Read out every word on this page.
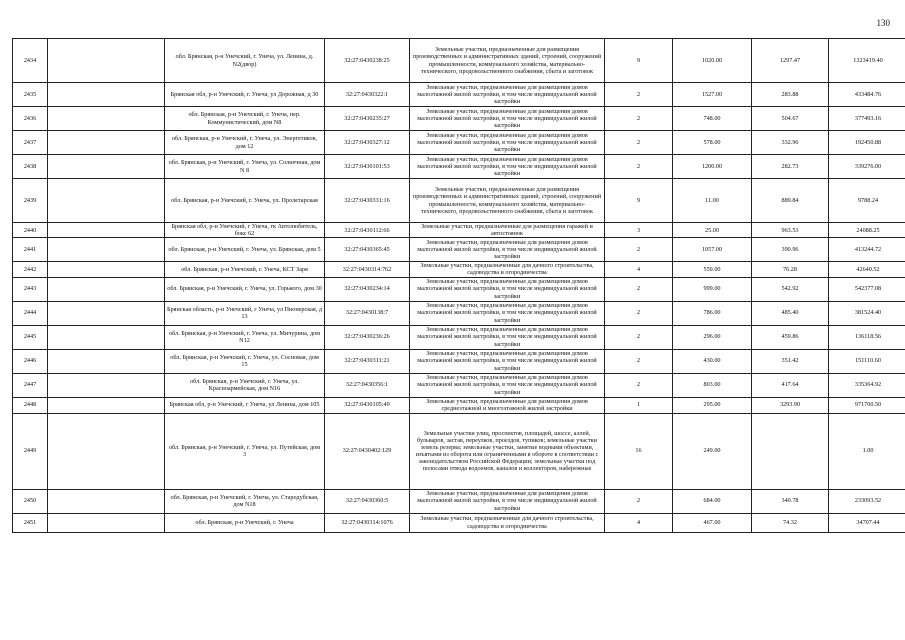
130
2434		обл. Брянская, р-н Унечский, г. Унеча, ул. Ленина, д. N2(двор)	32:27:0430238:25	Земельные участки, предназначенные для размещения производственных и административных зданий, строений, сооружений промышленности, коммунального хозяйства, материально-технического, продовольственного снабжения, сбыта и заготовок	9	1020.00	1297.47	1323419.40
2435		Брянская обл, р-н Унечский, г. Унеча, ул Дорожная, д 30	32:27:0430322:1	Земельные участки, предназначенные для размещения домов малоэтажной жилой застройки, в том числе индивидуальной жилой застройки	2	1527.00	283.88	433484.76
2436		обл. Брянская, р-н Унечский, г. Унеча, пер. Коммунистический, дом N8	32:27:0430235:27	Земельные участки, предназначенные для размещения домов малоэтажной жилой застройки, в том числе индивидуальной жилой застройки	2	748.00	504.67	377493.16
2437		обл. Брянская, р-н Унечский, г. Унеча, ул. Энергетиков, дом 12	32:27:0430327:12	Земельные участки, предназначенные для размещения домов малоэтажной жилой застройки, в том числе индивидуальной жилой застройки	2	578.00	332.96	192450.88
2438		обл. Брянская, р-н Унечский, г. Унеча, ул. Солнечная, дом N 8	32:27:0430101:53	Земельные участки, предназначенные для размещения домов малоэтажной жилой застройки, в том числе индивидуальной жилой застройки	2	1200.00	282.73	339276.00
2439		обл. Брянская, р-н Унечский, г. Унеча, ул. Пролетарская	32:27:0430331:16	Земельные участки, предназначенные для размещения производственных и административных зданий, строений, сооружений промышленности, коммунального хозяйства, материально-технического, продовольственного снабжения, сбыта и заготовок	9	11.00	889.84	9788.24
2440		Брянская обл, р-н Унечский, г Унеча, гк Автолюбитель, бокс 62	32:27:0430112:66	Земельные участки, предназначенные для размещения гаражей и автостоянок	3	25.00	963.53	24088.25
2441		обл. Брянская, р-н Унечский, г. Унеча, ул. Брянская, дом 5	32:27:0430365:45	Земельные участки, предназначенные для размещения домов малоэтажной жилой застройки, в том числе индивидуальной жилой застройки	2	1057.00	390.96	413244.72
2442		обл. Брянская, р-н Унечский, г. Унеча, КСТ Заря	32:27:0430314:762	Земельные участки, предназначенные для дачного строительства, садоводства и огородничества	4	559.00	76.28	42640.52
2443		обл. Брянская, р-н Унечский, г. Унеча, ул. Горького, дом 30	32:27:0430234:14	Земельные участки, предназначенные для размещения домов малоэтажной жилой застройки, в том числе индивидуальной жилой застройки	2	999.00	542.92	542377.08
2444		Брянская область, р-н Унечский, г Унеча, ул Пионерская, д 13	32:27:0430138:7	Земельные участки, предназначенные для размещения домов малоэтажной жилой застройки, в том числе индивидуальной жилой застройки	2	786.00	485.40	381524.40
2445		обл. Брянская, р-н Унечский, г. Унеча, ул. Мичурина, дом N12	32:27:0430236:26	Земельные участки, предназначенные для размещения домов малоэтажной жилой застройки, в том числе индивидуальной жилой застройки	2	296.00	459.86	136118.56
2446		обл. Брянская, р-н Унечский, г. Унеча, ул. Сосновая, дом 15	32:27:0430311:21	Земельные участки, предназначенные для размещения домов малоэтажной жилой застройки, в том числе индивидуальной жилой застройки	2	430.00	351.42	151110.60
2447		обл. Брянская, р-н Унечский, г. Унеча, ул. Красноармейская, дом N16	32:27:0430356:1	Земельные участки, предназначенные для размещения домов малоэтажной жилой застройки, в том числе индивидуальной жилой застройки	2	803.00	417.64	335364.92
2448		Брянская обл, р-н Унечский, г Унеча, ул Ленина, дом 105	32:27:0430105:49	Земельные участки, предназначенные для размещения домов среднеэтажной и многоэтажной жилой застройки	1	295.00	3293.90	971700.50
2449		обл. Брянская, р-н Унечский, г. Унеча, ул. Путейская, дом 3	32:27:0430402:129	Земельные участки улиц, проспектов, площадей, шоссе, аллей, бульваров, застав, переулков, проездов, тупиков; земельные участки земель резерва; земельные участки, занятые водными объектами, изъятыми из оборота или ограниченными в обороте в соответствии с законодательством Российской Федерации; земельные участки под полосами отвода водоемов, каналов и коллекторов, набережные	16	249.00		1.00
2450		обл. Брянская, р-н Унечский, г. Унеча, ул. Стародубская, дом N18	32:27:0430360:5	Земельные участки, предназначенные для размещения домов малоэтажной жилой застройки, в том числе индивидуальной жилой застройки	2	684.00	340.78	233093.52
2451		обл. Брянская, р-н Унечский, г. Унеча	32:27:0430314:1076	Земельные участки, предназначенные для дачного строительства, садоводства и огородничества	4	467.00	74.32	34707.44
